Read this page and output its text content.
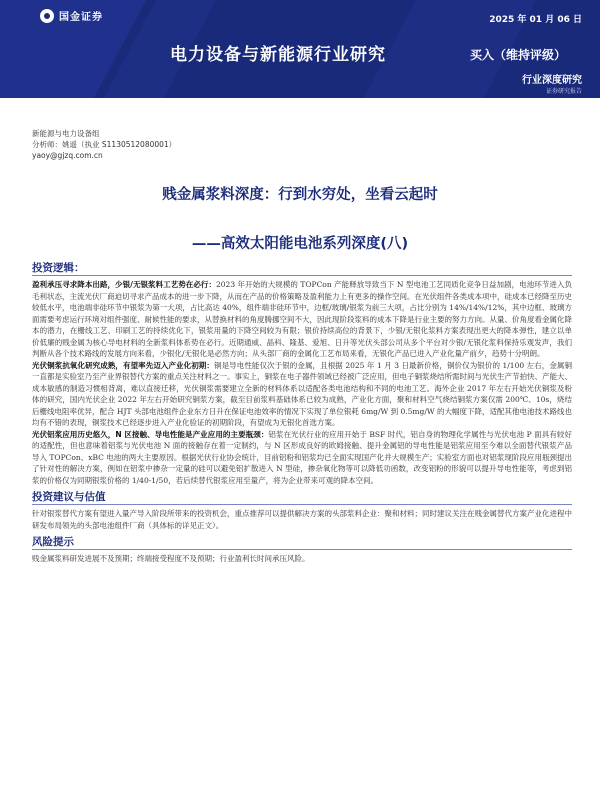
国金证券	2025 年 01 月 06 日
电力设备与新能源行业研究	买入（维持评级）
行业深度研究
证券研究报告
新能源与电力设备组
分析师：姚遥（执业 S1130512080001）
yaoy@gjzq.com.cn
贱金属浆料深度：行到水穷处，坐看云起时
——高效太阳能电池系列深度(八)
投资逻辑：

盈利承压寻求降本出路，少银/无银浆料工艺势在必行：2023 年开始的大规模的 TOPCon 产能释放导致当下 N 型电池工艺同质化竞争日益加剧，电池环节进入负毛利状态，主流光伏厂商迫切寻求产品成本的进一步下降，从而在产品的价格策略及盈利能力上有更多的操作空间。在光伏组件各类成本项中，硅成本已经降至历史较低水平，电池端非硅环节中银浆为第一大项，占比高达 40%，组件端非硅环节中，边框/玻璃/银浆为前三大项，占比分别为 14%/14%/12%，其中边框、玻璃方面需要考虑运行环境对组件强度、耐候性能的要求，从替换材料的角度腾挪空间不大，因此现阶段浆料的成本下降是行业主要的努力方向。从量、价角度看金属化降本的潜力，在栅线工艺、印刷工艺的持续优化下，银浆用量的下降空间较为有限；银价持续高位的背景下，少银/无银化浆料方案表现出更大的降本弹性，建立以单价低廉的贱金属为核心导电材料的全新浆料体系势在必行。近期通威、晶科、隆基、爱旭、日升等光伏头部公司从多个平台对少银/无银化浆料保持乐观发声，我们判断从各个技术路线的发展方向来看，少银化/无银化是必然方向；从头部厂商的金属化工艺布局来看，无银化产品已进入产业化量产前夕，趋势十分明朗。

光伏铜浆抗氧化研究成熟，有望率先迈入产业化初期：铜是导电性能仅次于银的金属，且根据 2025 年 1 月 3 日最新价格，铜价仅为银价的 1/100 左右，金属铜一直都是实验室乃至产业界银替代方案的重点关注材料之一。事实上，铜浆在电子器件领域已经被广泛应用，但电子铜浆烧结所需时间与光伏生产节拍快、产能大、成本敏感的制造习惯相背离，难以直接迁移，光伏铜浆需要建立全新的材料体系以适配各类电池结构和不同的电池工艺。海外企业 2017 年左右开始光伏铜浆及粉体的研究，国内光伏企业 2022 年左右开始研究铜浆方案，截至目前浆料基础体系已较为成熟，产业化方面，聚和材料空气烧结铜浆方案仅需 200℃、10s，烧结后栅线电阻率优异，配合 HJT 头部电池组件企业东方日升在保证电池效率的情况下实现了单位银耗 6mg/W 到 0.5mg/W 的大幅度下降，适配其他电池技术路线也均有不错的表现，铜浆技术已经逐步进入产业化验证的初期阶段，有望成为无银化首选方案。

光伏铝浆应用历史悠久，N 区接触、导电性能是产业应用的主要瓶颈：铝浆在光伏行业的应用开始于 BSF 时代，铝自身的物理化学属性与光伏电池 P 面具有较好的适配性，但也意味着铝浆与光伏电池 N 面的接触存在着一定制约，与 N 区形成良好的欧姆接触、提升金属铝的导电性能是铝浆应用至今难以全面替代银浆产品导入 TOPCon、xBC 电池的两大主要原因。根据光伏行业协会统计，目前铝粉和铝浆均已全面实现国产化并大规模生产；实验室方面也对铝浆现阶段应用瓶颈提出了针对性的解决方案，例如在铝浆中掺杂一定量的硅可以避免铝扩散进入 N 型硅，掺杂氧化物等可以降低功函数，改变铝粉的形貌可以提升导电性能等，考虑到铝浆的价格仅为同期银浆价格的 1/40-1/50，若后续替代银浆应用至量产，将为企业带来可观的降本空间。

投资建议与估值

针对银浆替代方案有望进入量产导入阶段所带来的投资机会，重点推荐可以提供解决方案的头部浆料企业：聚和材料；同时建议关注在贱金属替代方案产业化进程中研发布局领先的头部电池组件厂商（具体标的详见正文）。

风险提示

贱金属浆料研发进展不及预期；终端接受程度不及预期；行业盈利长时间承压风险。
